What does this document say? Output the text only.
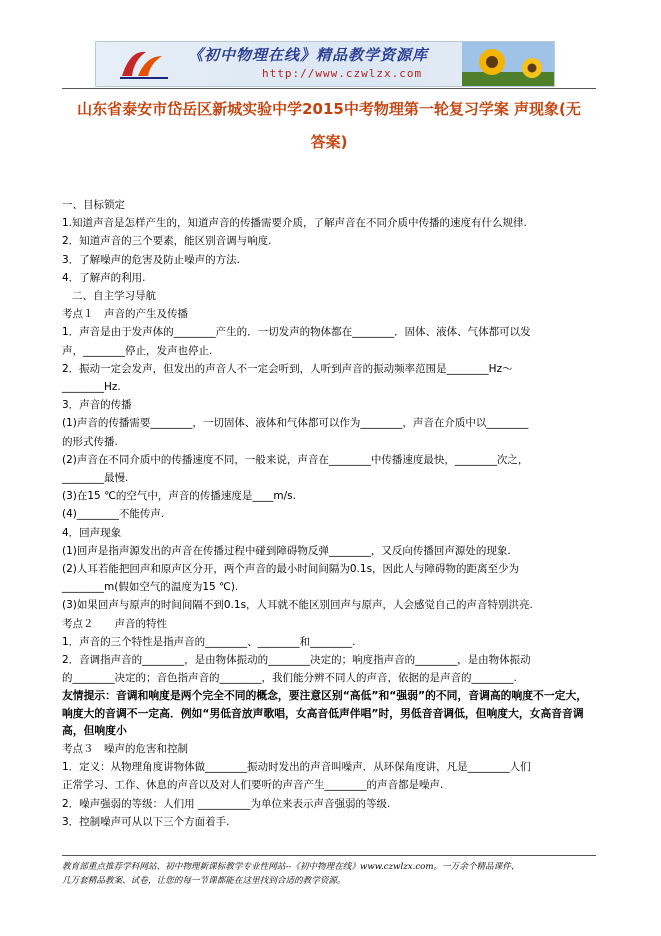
《初中物理在线》精品教学资源库
http://www.czwlzx.com
山东省泰安市岱岳区新城实验中学2015中考物理第一轮复习学案 声现象(无
答案)

一、目标锁定

1.知道声音是怎样产生的，知道声音的传播需要介质，了解声音在不同介质中传播的速度有什么规律.

2．知道声音的三个要素，能区别音调与响度.

3．了解噪声的危害及防止噪声的方法.

4．了解声的利用.

二、自主学习导航

考点１　声音的产生及传播

1．声音是由于发声体的________产生的．一切发声的物体都在________．固体、液体、气体都可以发

声，________停止，发声也停止.

2．振动一定会发声，但发出的声音人不一定会听到，人听到声音的振动频率范围是________Hz～

________Hz.

3．声音的传播

(1)声音的传播需要________，一切固体、液体和气体都可以作为________，声音在介质中以________

的形式传播.

(2)声音在不同介质中的传播速度不同，一般来说，声音在________中传播速度最快，________次之，

________最慢.

(3)在15 ℃的空气中，声音的传播速度是____m/s.

(4)________不能传声.

4．回声现象

(1)回声是指声源发出的声音在传播过程中碰到障碍物反弹________，又反向传播回声源处的现象.

(2)人耳若能把回声和原声区分开，两个声音的最小时间间隔为0.1s，因此人与障碍物的距离至少为

________m(假如空气的温度为15 ℃).

(3)如果回声与原声的时间间隔不到0.1s，人耳就不能区别回声与原声，人会感觉自己的声音特别洪亮.

考点２　　声音的特性

1．声音的三个特性是指声音的________、________和________.

2．音调指声音的________，是由物体振动的________决定的；响度指声音的________，是由物体振动

的________决定的；音色指声音的________，我们能分辨不同人的声音，依据的是声音的________.

友情提示：音调和响度是两个完全不同的概念，要注意区别“高低”和“强弱”的不同，音调高的响度不一定大，响度大的音调不一定高．例如“男低音放声歌唱，女高音低声伴唱”时，男低音音调低，但响度大，女高音音调高，但响度小

考点３　噪声的危害和控制

1．定义：从物理角度讲物体做________振动时发出的声音叫噪声．从环保角度讲，凡是________人们

正常学习、工作、休息的声音以及对人们要听的声音产生________的声音都是噪声.

2．噪声强弱的等级：人们用 __________为单位来表示声音强弱的等级.

3．控制噪声可从以下三个方面着手.

教育部重点推荐学科网站、初中物理新课标教学专业性网站--《初中物理在线》www.czwlzx.com。一万余个精品课件、

几万套精品教案、试卷，让您的每一节课都能在这里找到合适的教学资源。
